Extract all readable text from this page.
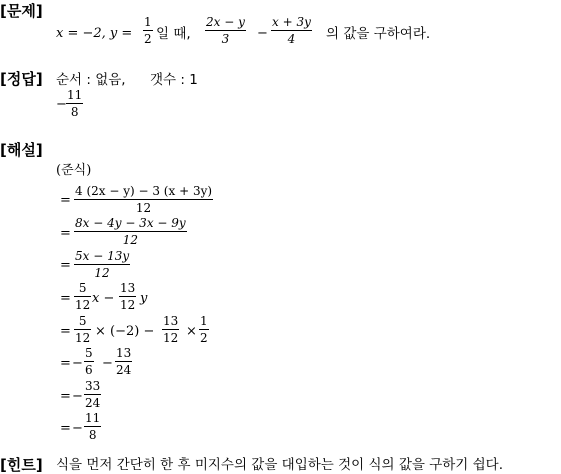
[문제]
x = −2, y =
1
2 일 때,
2x − y
3	−
x + 3y
4	의 값을 구하여라.
[정답] 순서 : 없음, 갯수 : 1
−
11
8
[해설]
(준식)
=
4 (2x − y) − 3 (x + 3y)
12
=
8x − 4y − 3x − 9y
12
=
5x − 13y
12
=
5
12 x −
13
12 y
=
5
12 × (−2) −
13
12 ×
1
2
= −
5
6 −
13
24
= −
33
24
= −
11
8
[힌트] 식을 먼저 간단히 한 후 미지수의 값을 대입하는 것이 식의 값을 구하기 쉽다.
